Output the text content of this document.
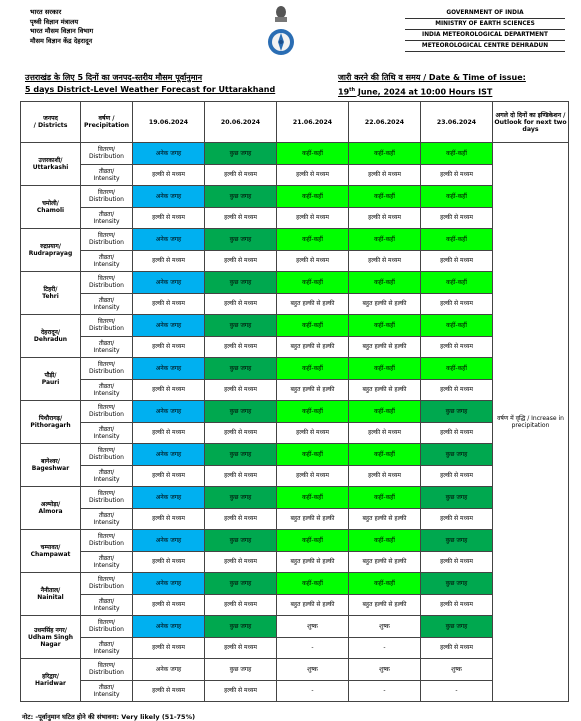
भारत सरकार
पृथ्वी विज्ञान मंत्रालय
भारत मौसम विज्ञान विभाग
मौसम विज्ञान केंद्र देहरादून
GOVERNMENT OF INDIA
MINISTRY OF EARTH SCIENCES
INDIA METEOROLOGICAL DEPARTMENT
METEOROLOGICAL CENTRE DEHRADUN
उत्तराखंड के लिए 5 दिनों का जनपद-स्तरीय मौसम पूर्वानुमान
5 days District-Level Weather Forecast for Uttarakhand
जारी करने की तिथि व समय / Date & Time of issue:
19th June, 2024 at 10:00 Hours IST
जनपद
/ Districts	वर्षण /
Precipitation	19.06.2024	20.06.2024	21.06.2024	22.06.2024	23.06.2024	अगले दो दिनों का इण्डिकेशन / Outlook for next two days
उत्तरकाशी/
Uttarkashi	वितरण/
Distribution	अनेक जगह	कुछ जगह	कहीं-कहीं	कहीं-कहीं	कहीं-कहीं	वर्षण में वृद्धि / Increase in precipitation
	तीव्रता/
Intensity	हल्की से मध्यम	हल्की से मध्यम	हल्की से मध्यम	हल्की से मध्यम	हल्की से मध्यम	
चमोली/
Chamoli	वितरण/
Distribution	अनेक जगह	कुछ जगह	कहीं-कहीं	कहीं-कहीं	कहीं-कहीं	
	तीव्रता/
Intensity	हल्की से मध्यम	हल्की से मध्यम	हल्की से मध्यम	हल्की से मध्यम	हल्की से मध्यम	
रुद्रप्रयाग/
Rudraprayag	वितरण/
Distribution	अनेक जगह	कुछ जगह	कहीं-कहीं	कहीं-कहीं	कहीं-कहीं	
	तीव्रता/
Intensity	हल्की से मध्यम	हल्की से मध्यम	हल्की से मध्यम	हल्की से मध्यम	हल्की से मध्यम	
टिहरी/
Tehri	वितरण/
Distribution	अनेक जगह	कुछ जगह	कहीं-कहीं	कहीं-कहीं	कहीं-कहीं	
	तीव्रता/
Intensity	हल्की से मध्यम	हल्की से मध्यम	बहुत हल्की से हल्की	बहुत हल्की से हल्की	हल्की से मध्यम	
देहरादून/
Dehradun	वितरण/
Distribution	अनेक जगह	कुछ जगह	कहीं-कहीं	कहीं-कहीं	कहीं-कहीं	
	तीव्रता/
Intensity	हल्की से मध्यम	हल्की से मध्यम	बहुत हल्की से हल्की	बहुत हल्की से हल्की	हल्की से मध्यम	
पौड़ी/
Pauri	वितरण/
Distribution	अनेक जगह	कुछ जगह	कहीं-कहीं	कहीं-कहीं	कहीं-कहीं	
	तीव्रता/
Intensity	हल्की से मध्यम	हल्की से मध्यम	बहुत हल्की से हल्की	बहुत हल्की से हल्की	हल्की से मध्यम	
पिथौरागढ़/
Pithoragarh	वितरण/
Distribution	अनेक जगह	कुछ जगह	कहीं-कहीं	कहीं-कहीं	कुछ जगह	
	तीव्रता/
Intensity	हल्की से मध्यम	हल्की से मध्यम	हल्की से मध्यम	हल्की से मध्यम	हल्की से मध्यम	
बागेश्वर/
Bageshwar	वितरण/
Distribution	अनेक जगह	कुछ जगह	कहीं-कहीं	कहीं-कहीं	कुछ जगह	
	तीव्रता/
Intensity	हल्की से मध्यम	हल्की से मध्यम	हल्की से मध्यम	हल्की से मध्यम	हल्की से मध्यम	
अल्मोड़ा/
Almora	वितरण/
Distribution	अनेक जगह	कुछ जगह	कहीं-कहीं	कहीं-कहीं	कुछ जगह	
	तीव्रता/
Intensity	हल्की से मध्यम	हल्की से मध्यम	बहुत हल्की से हल्की	बहुत हल्की से हल्की	हल्की से मध्यम	
चम्पावत/
Champawat	वितरण/
Distribution	अनेक जगह	कुछ जगह	कहीं-कहीं	कहीं-कहीं	कुछ जगह	
	तीव्रता/
Intensity	हल्की से मध्यम	हल्की से मध्यम	बहुत हल्की से हल्की	बहुत हल्की से हल्की	हल्की से मध्यम	
नैनीताल/
Nainital	वितरण/
Distribution	अनेक जगह	कुछ जगह	कहीं-कहीं	कहीं-कहीं	कुछ जगह	
	तीव्रता/
Intensity	हल्की से मध्यम	हल्की से मध्यम	बहुत हल्की से हल्की	बहुत हल्की से हल्की	हल्की से मध्यम	
उधमसिंह नगर/
Udham Singh
Nagar	वितरण/
Distribution	अनेक जगह	कुछ जगह	शुष्क	शुष्क	कुछ जगह	
	तीव्रता/
Intensity	हल्की से मध्यम	हल्की से मध्यम	-	-	हल्की से मध्यम	
हरिद्वार/
Haridwar	वितरण/
Distribution	अनेक जगह	कुछ जगह	शुष्क	शुष्क	शुष्क	
	तीव्रता/
Intensity	हल्की से मध्यम	हल्की से मध्यम	-	-	-	
नोट: -पूर्वानुमान घटित होने की संभावना: Very likely (51-75%)
